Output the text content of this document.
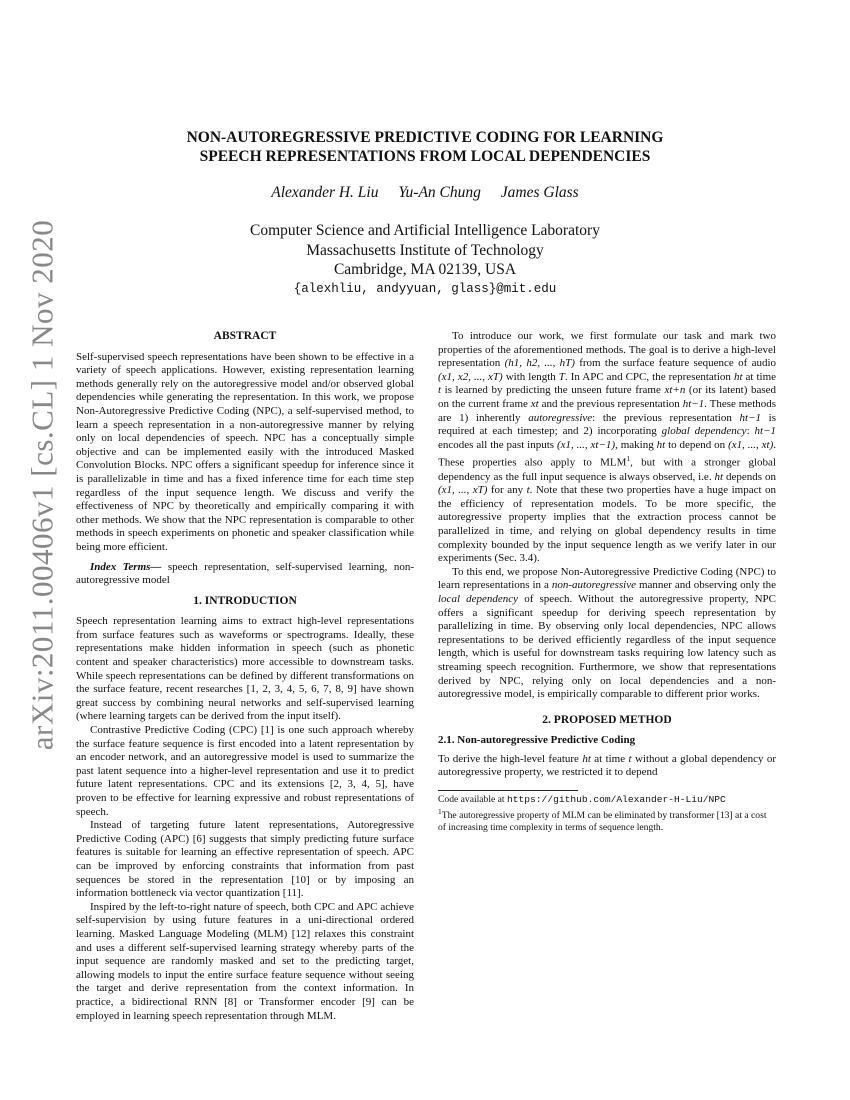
arXiv:2011.00406v1 [cs.CL] 1 Nov 2020
NON-AUTOREGRESSIVE PREDICTIVE CODING FOR LEARNING
SPEECH REPRESENTATIONS FROM LOCAL DEPENDENCIES
Alexander H. Liu Yu-An Chung James Glass
Computer Science and Artificial Intelligence Laboratory
Massachusetts Institute of Technology
Cambridge, MA 02139, USA
{alexhliu, andyyuan, glass}@mit.edu
ABSTRACT

Self-supervised speech representations have been shown to be effective in a variety of speech applications. However, existing representation learning methods generally rely on the autoregressive model and/or observed global dependencies while generating the representation. In this work, we propose Non-Autoregressive Predictive Coding (NPC), a self-supervised method, to learn a speech representation in a non-autoregressive manner by relying only on local dependencies of speech. NPC has a conceptually simple objective and can be implemented easily with the introduced Masked Convolution Blocks. NPC offers a significant speedup for inference since it is parallelizable in time and has a fixed inference time for each time step regardless of the input sequence length. We discuss and verify the effectiveness of NPC by theoretically and empirically comparing it with other methods. We show that the NPC representation is comparable to other methods in speech experiments on phonetic and speaker classification while being more efficient.

Index Terms— speech representation, self-supervised learning, non-autoregressive model

1. INTRODUCTION

Speech representation learning aims to extract high-level representations from surface features such as waveforms or spectrograms. Ideally, these representations make hidden information in speech (such as phonetic content and speaker characteristics) more accessible to downstream tasks. While speech representations can be defined by different transformations on the surface feature, recent researches [1, 2, 3, 4, 5, 6, 7, 8, 9] have shown great success by combining neural networks and self-supervised learning (where learning targets can be derived from the input itself).

Contrastive Predictive Coding (CPC) [1] is one such approach whereby the surface feature sequence is first encoded into a latent representation by an encoder network, and an autoregressive model is used to summarize the past latent sequence into a higher-level representation and use it to predict future latent representations. CPC and its extensions [2, 3, 4, 5], have proven to be effective for learning expressive and robust representations of speech.

Instead of targeting future latent representations, Autoregressive Predictive Coding (APC) [6] suggests that simply predicting future surface features is suitable for learning an effective representation of speech. APC can be improved by enforcing constraints that information from past sequences be stored in the representation [10] or by imposing an information bottleneck via vector quantization [11].

Inspired by the left-to-right nature of speech, both CPC and APC achieve self-supervision by using future features in a uni-directional ordered learning. Masked Language Modeling (MLM) [12] relaxes this constraint and uses a different self-supervised learning strategy whereby parts of the input sequence are randomly masked and set to the predicting target, allowing models to input the entire surface feature sequence without seeing the target and derive representation from the context information. In practice, a bidirectional RNN [8] or Transformer encoder [9] can be employed in learning speech representation through MLM.

To introduce our work, we first formulate our task and mark two properties of the aforementioned methods. The goal is to derive a high-level representation (h1, h2, ..., hT) from the surface feature sequence of audio (x1, x2, ..., xT) with length T. In APC and CPC, the representation ht at time t is learned by predicting the unseen future frame xt+n (or its latent) based on the current frame xt and the previous representation ht−1. These methods are 1) inherently autoregressive: the previous representation ht−1 is required at each timestep; and 2) incorporating global dependency: ht−1 encodes all the past inputs (x1, ..., xt−1), making ht to depend on (x1, ..., xt). These properties also apply to MLM$^1$, but with a stronger global dependency as the full input sequence is always observed, i.e. ht depends on (x1, ..., xT) for any t. Note that these two properties have a huge impact on the efficiency of representation models. To be more specific, the autoregressive property implies that the extraction process cannot be parallelized in time, and relying on global dependency results in time complexity bounded by the input sequence length as we verify later in our experiments (Sec. 3.4).

To this end, we propose Non-Autoregressive Predictive Coding (NPC) to learn representations in a non-autoregressive manner and observing only the local dependency of speech. Without the autoregressive property, NPC offers a significant speedup for deriving speech representation by parallelizing in time. By observing only local dependencies, NPC allows representations to be derived efficiently regardless of the input sequence length, which is useful for downstream tasks requiring low latency such as streaming speech recognition. Furthermore, we show that representations derived by NPC, relying only on local dependencies and a non-autoregressive model, is empirically comparable to different prior works.

2. PROPOSED METHOD
2.1. Non-autoregressive Predictive Coding

To derive the high-level feature ht at time t without a global dependency or autoregressive property, we restricted it to depend

Code available at https://github.com/Alexander-H-Liu/NPC
$^1$The autoregressive property of MLM can be eliminated by transformer [13] at a cost of increasing time complexity in terms of sequence length.
